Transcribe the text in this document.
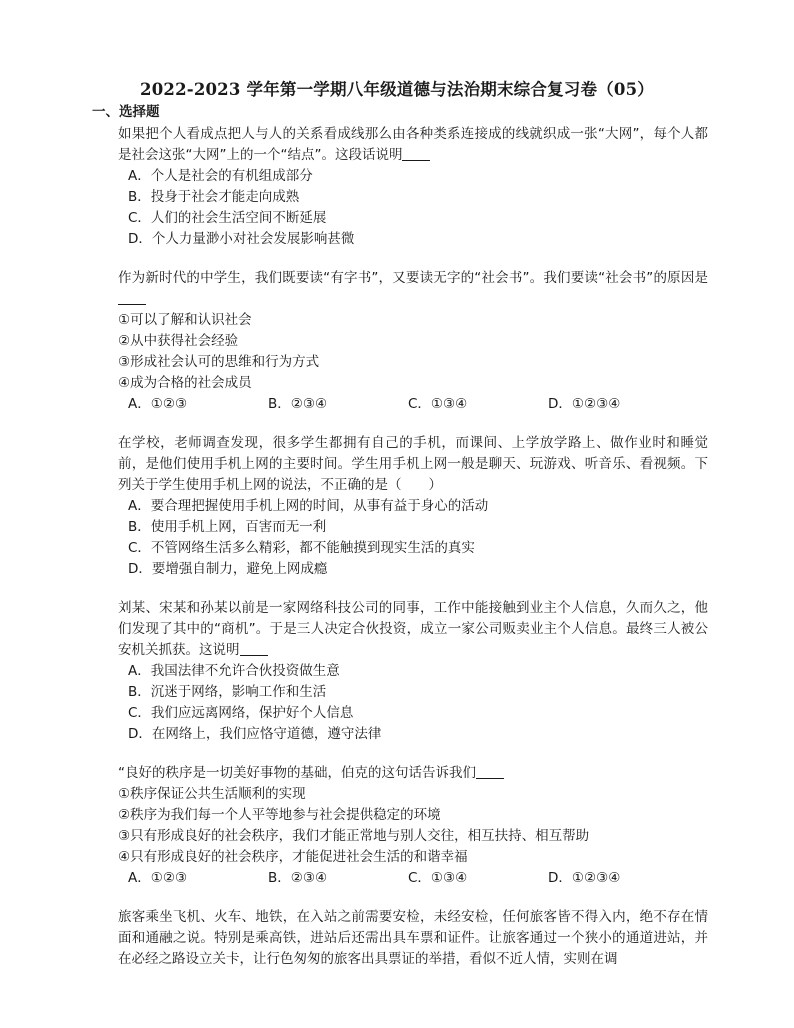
2022-2023 学年第一学期八年级道德与法治期末综合复习卷（05）
一、选择题

如果把个人看成点把人与人的关系看成线那么由各种类系连接成的线就织成一张“大网”，每个人都是社会这张“大网”上的一个“结点”。这段话说明

A．个人是社会的有机组成部分
B．投身于社会才能走向成熟
C．人们的社会生活空间不断延展
D．个人力量渺小对社会发展影响甚微

作为新时代的中学生，我们既要读“有字书”，又要读无字的“社会书”。我们要读“社会书”的原因是

①可以了解和认识社会
②从中获得社会经验
③形成社会认可的思维和行为方式
④成为合格的社会成员
A．①②③	B．②③④	C．①③④	D．①②③④

在学校，老师调查发现，很多学生都拥有自己的手机，而课间、上学放学路上、做作业时和睡觉前，是他们使用手机上网的主要时间。学生用手机上网一般是聊天、玩游戏、听音乐、看视频。下列关于学生使用手机上网的说法，不正确的是（　　）

A．要合理把握使用手机上网的时间，从事有益于身心的活动
B．使用手机上网，百害而无一利
C．不管网络生活多么精彩，都不能触摸到现实生活的真实
D．要增强自制力，避免上网成瘾

刘某、宋某和孙某以前是一家网络科技公司的同事，工作中能接触到业主个人信息，久而久之，他们发现了其中的“商机”。于是三人决定合伙投资，成立一家公司贩卖业主个人信息。最终三人被公安机关抓获。这说明

A．我国法律不允许合伙投资做生意
B．沉迷于网络，影响工作和生活
C．我们应远离网络，保护好个人信息
D．在网络上，我们应恪守道德，遵守法律

“良好的秩序是一切美好事物的基础，伯克的这句话告诉我们

①秩序保证公共生活顺利的实现
②秩序为我们每一个人平等地参与社会提供稳定的环境
③只有形成良好的社会秩序，我们才能正常地与别人交往，相互扶持、相互帮助
④只有形成良好的社会秩序，才能促进社会生活的和谐幸福
A．①②③	B．②③④	C．①③④	D．①②③④

旅客乘坐飞机、火车、地铁，在入站之前需要安检，未经安检，任何旅客皆不得入内，绝不存在情面和通融之说。特别是乘高铁，进站后还需出具车票和证件。让旅客通过一个狭小的通道进站，并在必经之路设立关卡，让行色匆匆的旅客出具票证的举措，看似不近人情，实则在调
